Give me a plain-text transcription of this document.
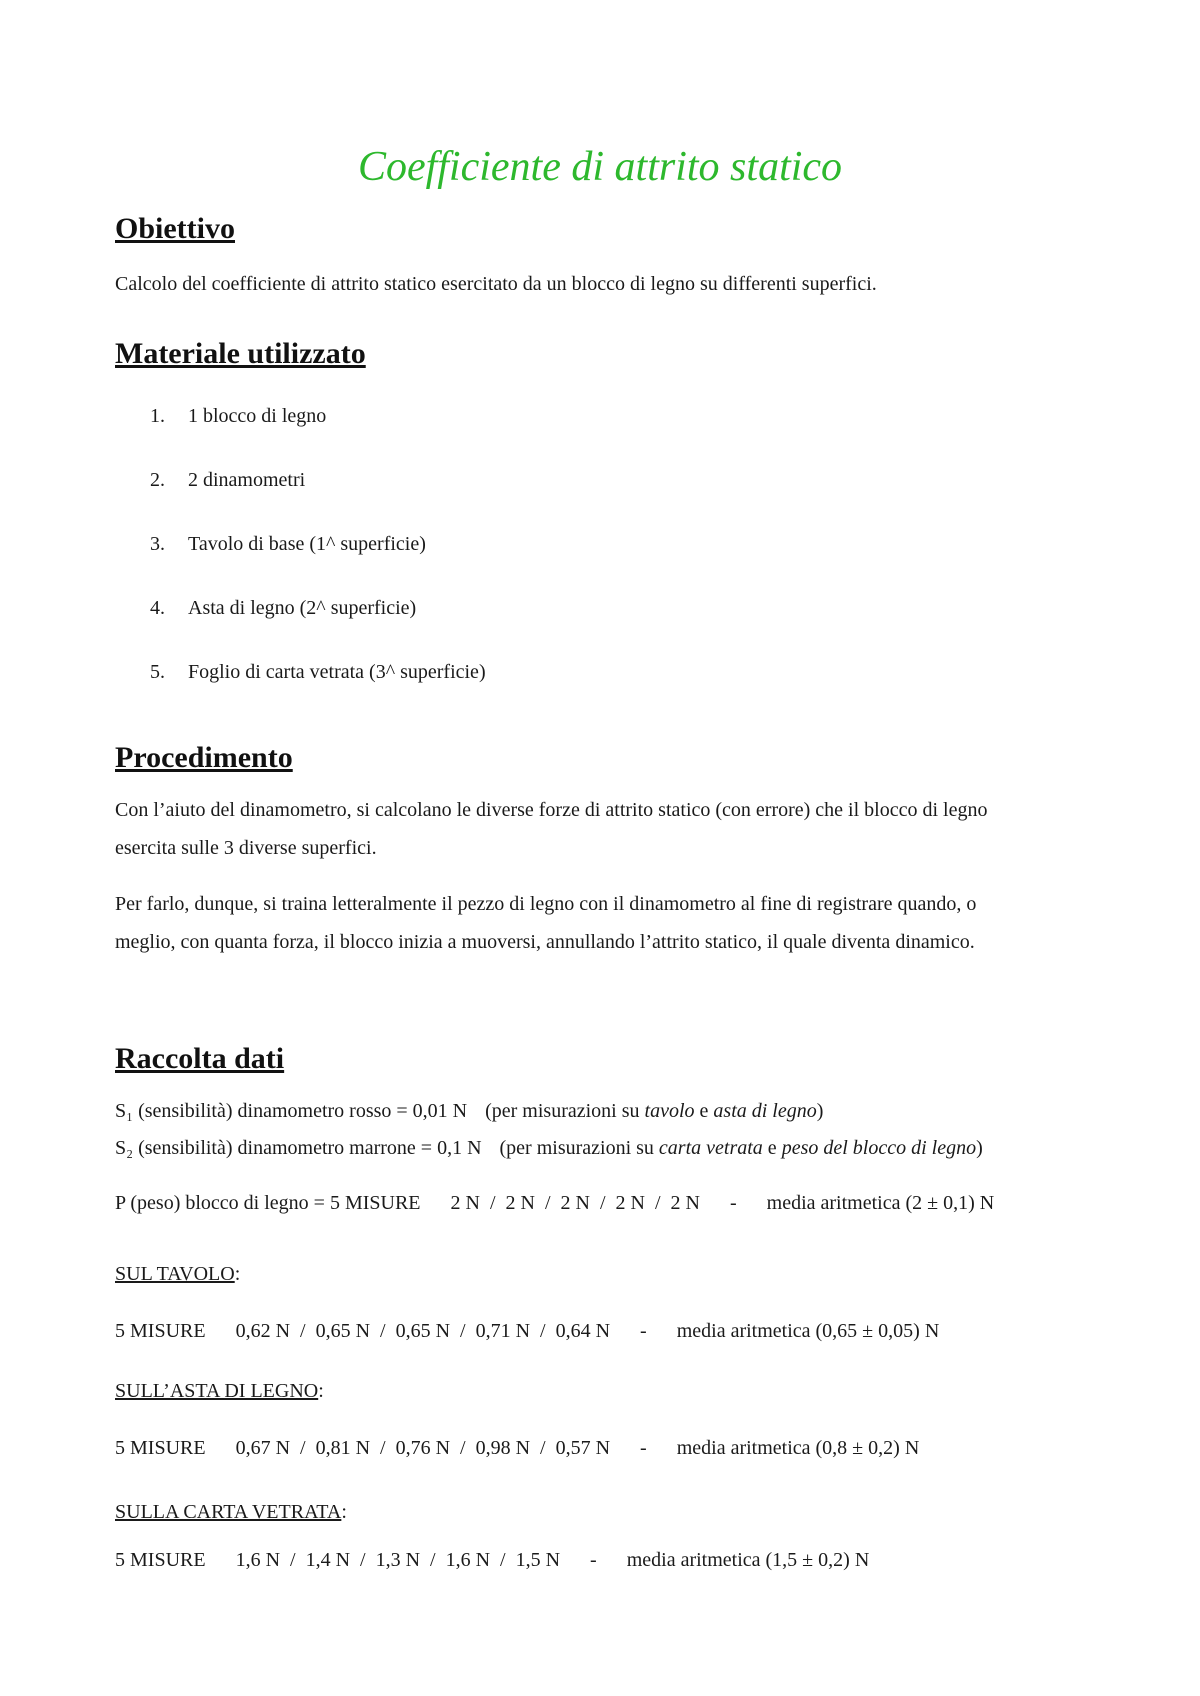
Coefficiente di attrito statico
Obiettivo
Calcolo del coefficiente di attrito statico esercitato da un blocco di legno su differenti superfici.
Materiale utilizzato
1. 1 blocco di legno
2. 2 dinamometri
3. Tavolo di base (1^ superficie)
4. Asta di legno (2^ superficie)
5. Foglio di carta vetrata (3^ superficie)
Procedimento
Con l’aiuto del dinamometro, si calcolano le diverse forze di attrito statico (con errore) che il blocco di legno
esercita sulle 3 diverse superfici.
Per farlo, dunque, si traina letteralmente il pezzo di legno con il dinamometro al fine di registrare quando, o
meglio, con quanta forza, il blocco inizia a muoversi, annullando l’attrito statico, il quale diventa dinamico.
Raccolta dati
S₁ (sensibilità) dinamometro rosso = 0,01 N (per misurazioni su tavolo e asta di legno)
S₂ (sensibilità) dinamometro marrone = 0,1 N (per misurazioni su carta vetrata e peso del blocco di legno)
P (peso) blocco di legno = 5 MISURE 2 N  /  2 N  /  2 N  /  2 N  /  2 N - media aritmetica (2 ± 0,1) N
SUL TAVOLO:
5 MISURE 0,62 N  /  0,65 N  /  0,65 N  /  0,71 N  /  0,64 N - media aritmetica (0,65 ± 0,05) N
SULL’ASTA DI LEGNO:
5 MISURE 0,67 N  /  0,81 N  /  0,76 N  /  0,98 N  /  0,57 N - media aritmetica (0,8 ± 0,2) N
SULLA CARTA VETRATA:
5 MISURE 1,6 N  /  1,4 N  /  1,3 N  /  1,6 N  /  1,5 N - media aritmetica (1,5 ± 0,2) N
